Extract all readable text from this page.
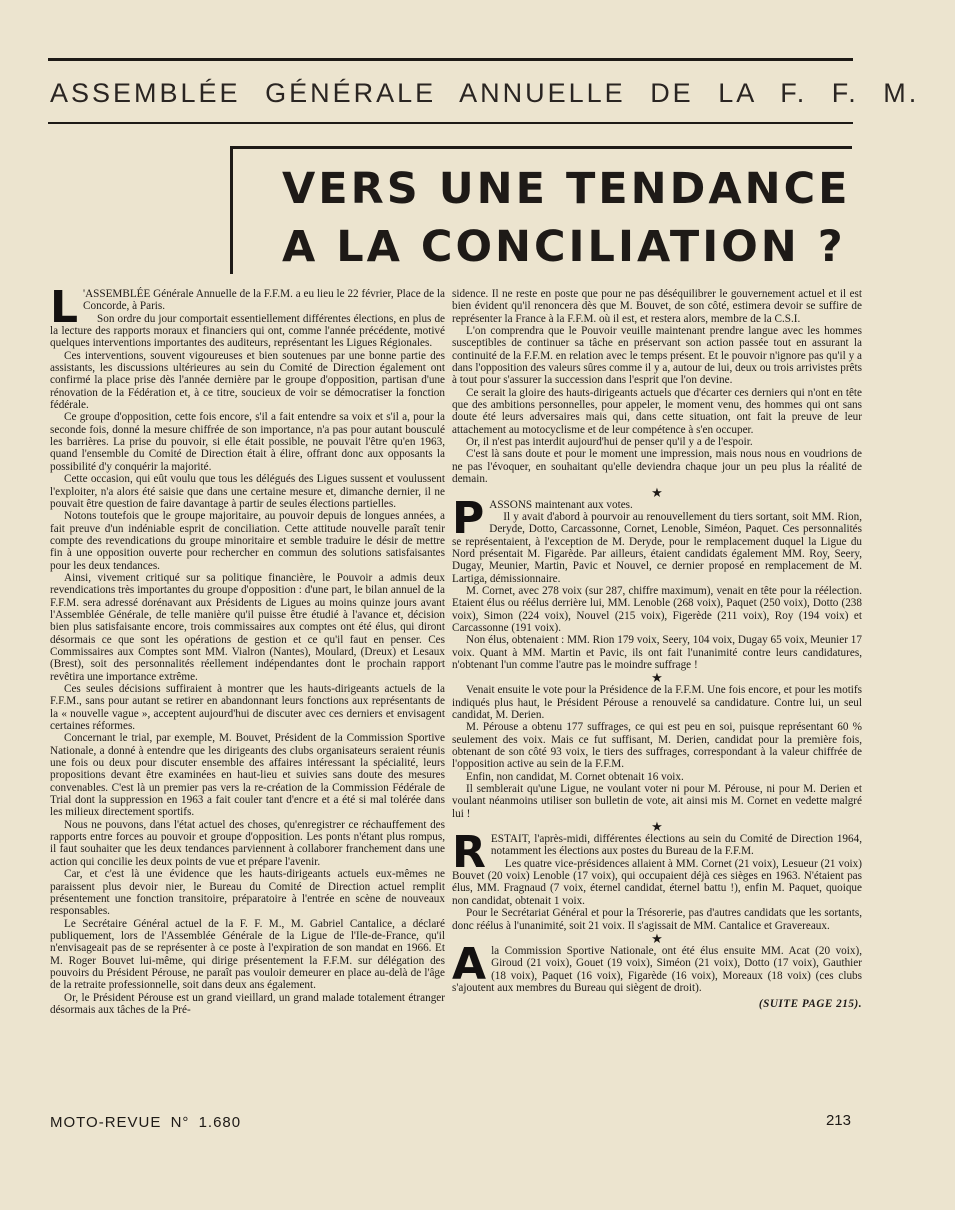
ASSEMBLÉE GÉNÉRALE ANNUELLE DE LA F. F. M.
VERS UNE TENDANCE
A LA CONCILIATION ?

L 'ASSEMBLÉE Générale Annuelle de la F.F.M. a eu lieu le 22 février, Place de la Concorde, à Paris.

Son ordre du jour comportait essentiellement différentes élections, en plus de la lecture des rapports moraux et financiers qui ont, comme l'année précédente, motivé quelques interventions importantes des auditeurs, représentant les Ligues Régionales.

Ces interventions, souvent vigoureuses et bien soutenues par une bonne partie des assistants, les discussions ultérieures au sein du Comité de Direction également ont confirmé la place prise dès l'année dernière par le groupe d'opposition, partisan d'une rénovation de la Fédération et, à ce titre, soucieux de voir se démocratiser la fonction fédérale.

Ce groupe d'opposition, cette fois encore, s'il a fait entendre sa voix et s'il a, pour la seconde fois, donné la mesure chiffrée de son importance, n'a pas pour autant bousculé les barrières. La prise du pouvoir, si elle était possible, ne pouvait l'être qu'en 1963, quand l'ensemble du Comité de Direction était à élire, offrant donc aux opposants la possibilité d'y conquérir la majorité.

Cette occasion, qui eût voulu que tous les délégués des Ligues sussent et voulussent l'exploiter, n'a alors été saisie que dans une certaine mesure et, dimanche dernier, il ne pouvait être question de faire davantage à partir de seules élections partielles.

Notons toutefois que le groupe majoritaire, au pouvoir depuis de longues années, a fait preuve d'un indéniable esprit de conciliation. Cette attitude nouvelle paraît tenir compte des revendications du groupe minoritaire et semble traduire le désir de mettre fin à une opposition ouverte pour rechercher en commun des solutions satisfaisantes pour les deux tendances.

Ainsi, vivement critiqué sur sa politique financière, le Pouvoir a admis deux revendications très importantes du groupe d'opposition : d'une part, le bilan annuel de la F.F.M. sera adressé dorénavant aux Présidents de Ligues au moins quinze jours avant l'Assemblée Générale, de telle manière qu'il puisse être étudié à l'avance et, décision bien plus satisfaisante encore, trois commissaires aux comptes ont été élus, qui diront désormais ce que sont les opérations de gestion et ce qu'il faut en penser. Ces Commissaires aux Comptes sont MM. Vialron (Nantes), Moulard, (Dreux) et Lesaux (Brest), soit des personnalités réellement indépendantes dont le prochain rapport revêtira une importance extrême.

Ces seules décisions suffiraient à montrer que les hauts-dirigeants actuels de la F.F.M., sans pour autant se retirer en abandonnant leurs fonctions aux représentants de la « nouvelle vague », acceptent aujourd'hui de discuter avec ces derniers et envisagent certaines réformes.

Concernant le trial, par exemple, M. Bouvet, Président de la Commission Sportive Nationale, a donné à entendre que les dirigeants des clubs organisateurs seraient réunis une fois ou deux pour discuter ensemble des affaires intéressant la spécialité, leurs propositions devant être examinées en haut-lieu et suivies sans doute des mesures convenables. C'est là un premier pas vers la re-création de la Commission Fédérale de Trial dont la suppression en 1963 a fait couler tant d'encre et a été si mal tolérée dans les milieux directement sportifs.

Nous ne pouvons, dans l'état actuel des choses, qu'enregistrer ce réchauffement des rapports entre forces au pouvoir et groupe d'opposition. Les ponts n'étant plus rompus, il faut souhaiter que les deux tendances parviennent à collaborer franchement dans une action qui concilie les deux points de vue et prépare l'avenir.

Car, et c'est là une évidence que les hauts-dirigeants actuels eux-mêmes ne paraissent plus devoir nier, le Bureau du Comité de Direction actuel remplit présentement une fonction transitoire, préparatoire à l'entrée en scène de nouveaux responsables.

Le Secrétaire Général actuel de la F. F. M., M. Gabriel Cantalice, a déclaré publiquement, lors de l'Assemblée Générale de la Ligue de l'Ile-de-France, qu'il n'envisageait pas de se représenter à ce poste à l'expiration de son mandat en 1966. Et M. Roger Bouvet lui-même, qui dirige présentement la F.F.M. sur délégation des pouvoirs du Président Pérouse, ne paraît pas vouloir demeurer en place au-delà de l'âge de la retraite professionnelle, soit dans deux ans également.

Or, le Président Pérouse est un grand vieillard, un grand malade totalement étranger désormais aux tâches de la Pré-

sidence. Il ne reste en poste que pour ne pas déséquilibrer le gouvernement actuel et il est bien évident qu'il renoncera dès que M. Bouvet, de son côté, estimera devoir se suffire de représenter la France à la F.F.M. où il est, et restera alors, membre de la C.S.I.

L'on comprendra que le Pouvoir veuille maintenant prendre langue avec les hommes susceptibles de continuer sa tâche en préservant son action passée tout en assurant la continuité de la F.F.M. en relation avec le temps présent. Et le pouvoir n'ignore pas qu'il y a dans l'opposition des valeurs sûres comme il y a, autour de lui, deux ou trois arrivistes prêts à tout pour s'assurer la succession dans l'esprit que l'on devine.

Ce serait la gloire des hauts-dirigeants actuels que d'écarter ces derniers qui n'ont en tête que des ambitions personnelles, pour appeler, le moment venu, des hommes qui ont sans doute été leurs adversaires mais qui, dans cette situation, ont fait la preuve de leur attachement au motocyclisme et de leur compétence à s'en occuper.

Or, il n'est pas interdit aujourd'hui de penser qu'il y a de l'espoir.

C'est là sans doute et pour le moment une impression, mais nous nous en voudrions de ne pas l'évoquer, en souhaitant qu'elle deviendra chaque jour un peu plus la réalité de demain.

★

PASSONS maintenant aux votes.

Il y avait d'abord à pourvoir au renouvellement du tiers sortant, soit MM. Rion, Deryde, Dotto, Carcassonne, Cornet, Lenoble, Siméon, Paquet. Ces personnalités se représentaient, à l'exception de M. Deryde, pour le remplacement duquel la Ligue du Nord présentait M. Figarède. Par ailleurs, étaient candidats également MM. Roy, Seery, Dugay, Meunier, Martin, Pavic et Nouvel, ce dernier proposé en remplacement de M. Lartiga, démissionnaire.

M. Cornet, avec 278 voix (sur 287, chiffre maximum), venait en tête pour la réélection. Etaient élus ou réélus derrière lui, MM. Lenoble (268 voix), Paquet (250 voix), Dotto (238 voix), Simon (224 voix), Nouvel (215 voix), Figerède (211 voix), Roy (194 voix) et Carcassonne (191 voix).

Non élus, obtenaient : MM. Rion 179 voix, Seery, 104 voix, Dugay 65 voix, Meunier 17 voix. Quant à MM. Martin et Pavic, ils ont fait l'unanimité contre leurs candidatures, n'obtenant l'un comme l'autre pas le moindre suffrage !

★

Venait ensuite le vote pour la Présidence de la F.F.M. Une fois encore, et pour les motifs indiqués plus haut, le Président Pérouse a renouvelé sa candidature. Contre lui, un seul candidat, M. Derien.

M. Pérouse a obtenu 177 suffrages, ce qui est peu en soi, puisque représentant 60 % seulement des voix. Mais ce fut suffisant, M. Derien, candidat pour la première fois, obtenant de son côté 93 voix, le tiers des suffrages, correspondant à la valeur chiffrée de l'opposition active au sein de la F.F.M.

Enfin, non candidat, M. Cornet obtenait 16 voix.

Il semblerait qu'une Ligue, ne voulant voter ni pour M. Pérouse, ni pour M. Derien et voulant néanmoins utiliser son bulletin de vote, ait ainsi mis M. Cornet en vedette malgré lui !

★

RESTAIT, l'après-midi, différentes élections au sein du Comité de Direction 1964, notamment les élections aux postes du Bureau de la F.F.M.

Les quatre vice-présidences allaient à MM. Cornet (21 voix), Lesueur (21 voix) Bouvet (20 voix) Lenoble (17 voix), qui occupaient déjà ces sièges en 1963. N'étaient pas élus, MM. Fragnaud (7 voix, éternel candidat, éternel battu !), enfin M. Paquet, quoique non candidat, obtenait 1 voix.

Pour le Secrétariat Général et pour la Trésorerie, pas d'autres candidats que les sortants, donc réélus à l'unanimité, soit 21 voix. Il s'agissait de MM. Cantalice et Gravereaux.

★

Ala Commission Sportive Nationale, ont été élus ensuite MM. Acat (20 voix), Giroud (21 voix), Gouet (19 voix), Siméon (21 voix), Dotto (17 voix), Gauthier (18 voix), Paquet (16 voix), Figarède (16 voix), Moreaux (18 voix) (ces clubs s'ajoutent aux membres du Bureau qui siègent de droit).

(SUITE PAGE 215).
MOTO-REVUE N° 1.680	213
